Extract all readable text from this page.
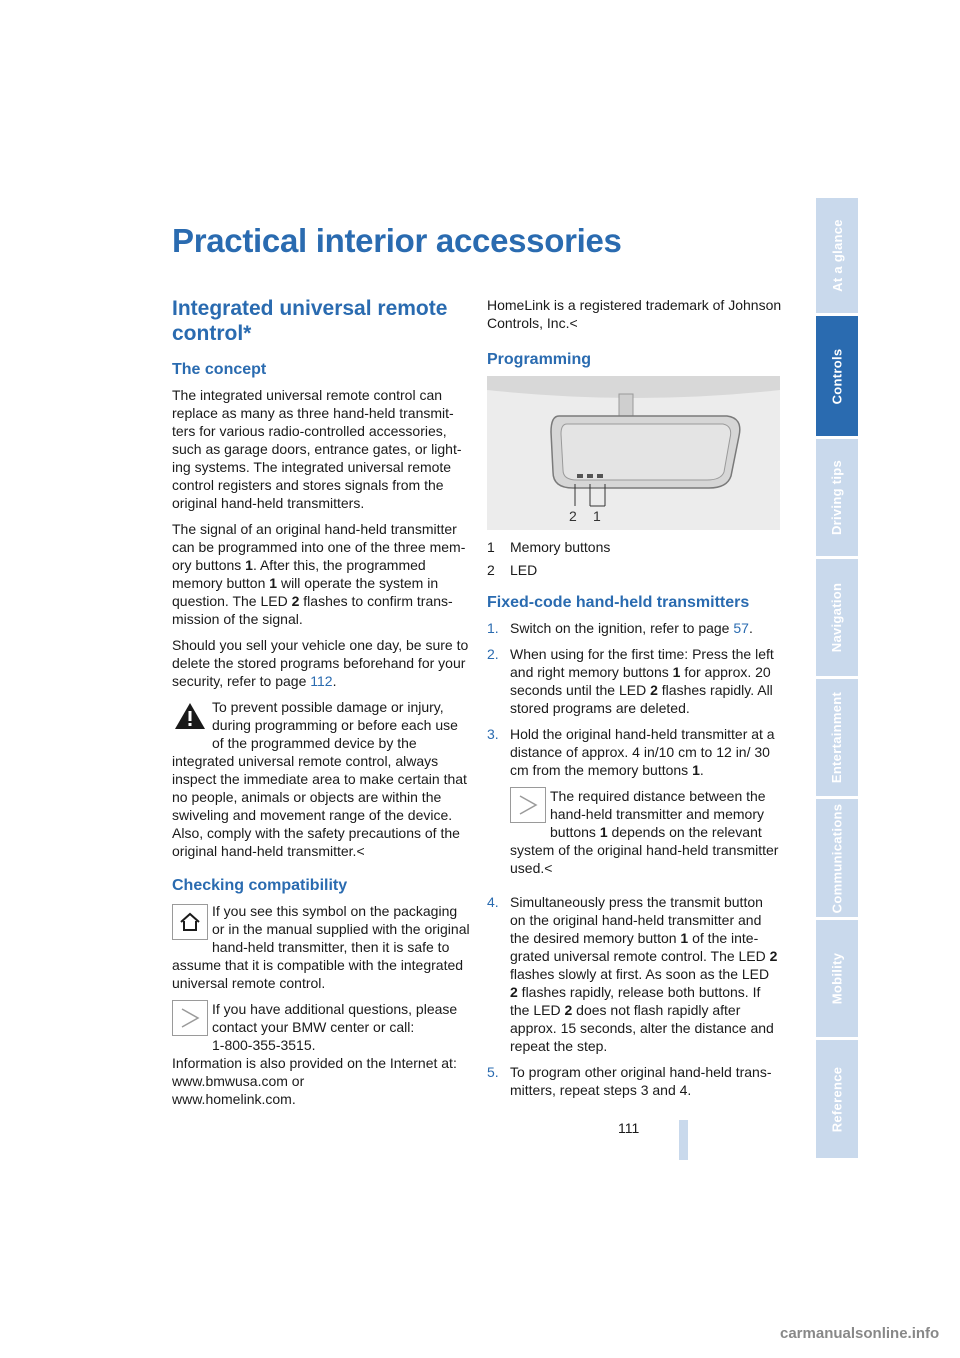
Practical interior accessories
Integrated universal remote control*
The concept

The integrated universal remote control can replace as many as three hand-held transmitters for various radio-controlled accessories, such as garage doors, entrance gates, or lighting systems. The integrated universal remote control registers and stores signals from the original hand-held transmitters.

The signal of an original hand-held transmitter can be programmed into one of the three memory buttons 1. After this, the programmed memory button 1 will operate the system in question. The LED 2 flashes to confirm transmission of the signal.

Should you sell your vehicle one day, be sure to delete the stored programs beforehand for your security, refer to page 112.

To prevent possible damage or injury, during programming or before each use of the programmed device by the integrated universal remote control, always inspect the immediate area to make certain that no people, animals or objects are within the swiveling and movement range of the device. Also, comply with the safety precautions of the original hand-held transmitter.<
Checking compatibility
If you see this symbol on the packaging or in the manual supplied with the original hand-held transmitter, then it is safe to assume that it is compatible with the integrated universal remote control.
If you have additional questions, please contact your BMW center or call:
1-800-355-3515.
Information is also provided on the Internet at:
www.bmwusa.com or
www.homelink.com.

HomeLink is a registered trademark of Johnson Controls, Inc.<

Programming
2 1
1	Memory buttons
2	LED
Fixed-code hand-held transmitters
1. Switch on the ignition, refer to page 57.
2. When using for the first time: Press the left and right memory buttons 1 for approx. 20 seconds until the LED 2 flashes rapidly. All stored programs are deleted.
3. Hold the original hand-held transmitter at a distance of approx. 4 in/10 cm to 12 in/ 30 cm from the memory buttons 1.
The required distance between the hand-held transmitter and memory buttons 1 depends on the relevant system of the original hand-held transmitter used.<
4. Simultaneously press the transmit button on the original hand-held transmitter and the desired memory button 1 of the integrated universal remote control. The LED 2 flashes slowly at first. As soon as the LED 2 flashes rapidly, release both buttons. If the LED 2 does not flash rapidly after approx. 15 seconds, alter the distance and repeat the step.
5. To program other original hand-held transmitters, repeat steps 3 and 4.
111
At a glance
Controls
Driving tips
Navigation
Entertainment
Communications
Mobility
Reference
carmanualsonline.info
